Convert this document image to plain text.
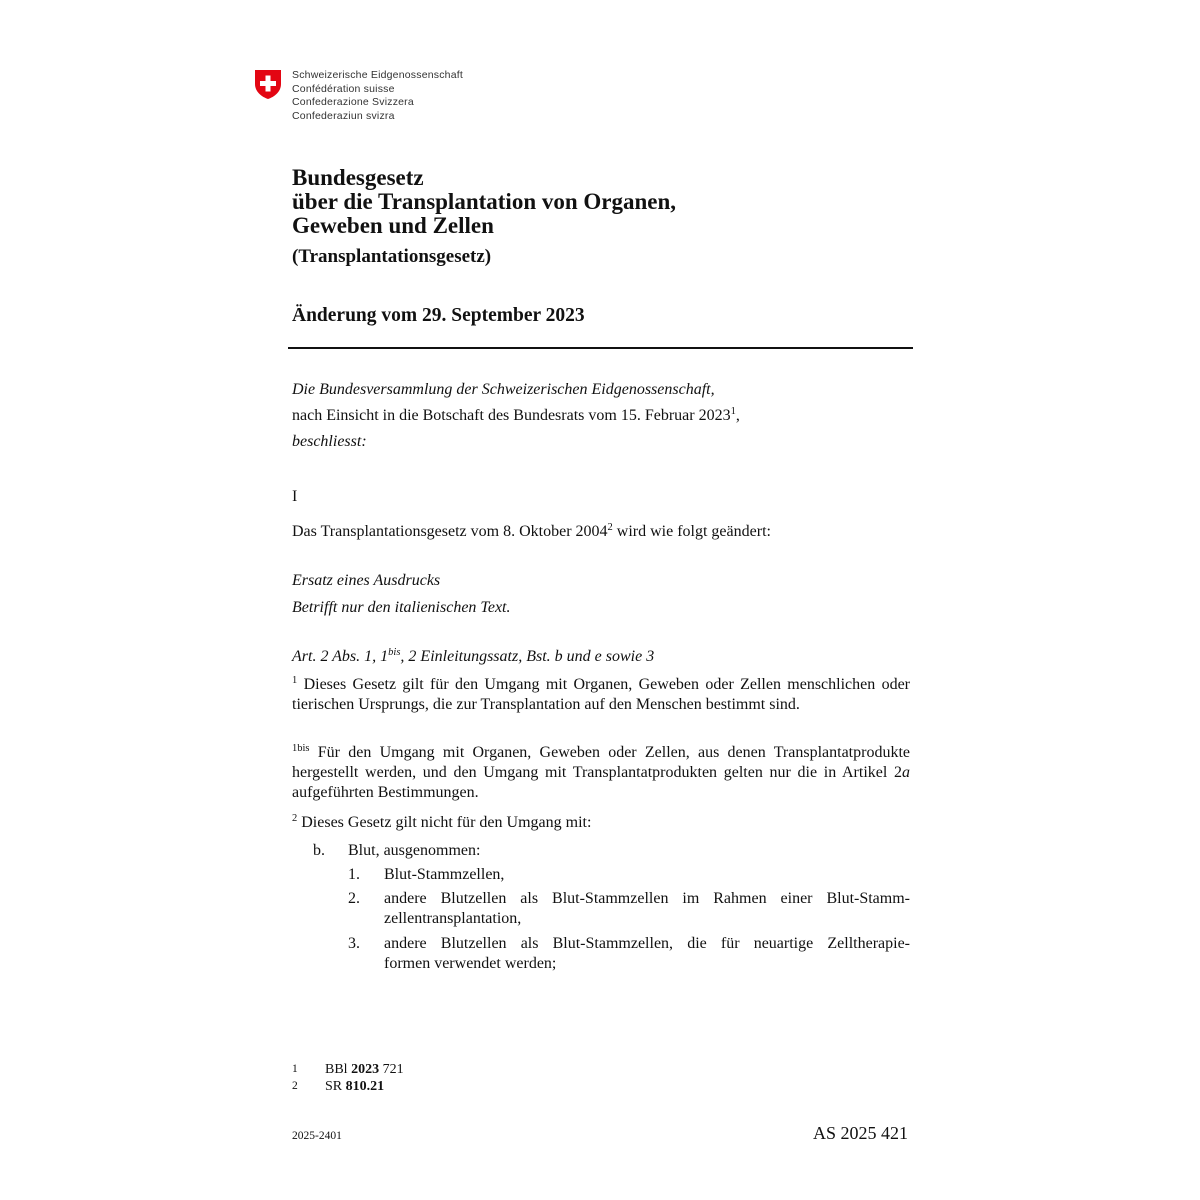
Schweizerische Eidgenossenschaft
Confédération suisse
Confederazione Svizzera
Confederaziun svizra
Bundesgesetz
über die Transplantation von Organen,
Geweben und Zellen
(Transplantationsgesetz)
Änderung vom 29. September 2023
Die Bundesversammlung der Schweizerischen Eidgenossenschaft,
nach Einsicht in die Botschaft des Bundesrats vom 15. Februar 2023$^1$,
beschliesst:
I
Das Transplantationsgesetz vom 8. Oktober 2004$^2$ wird wie folgt geändert:
Ersatz eines Ausdrucks
Betrifft nur den italienischen Text.
Art. 2 Abs. 1, $1^{bis}$, 2 Einleitungssatz, Bst. b und e sowie 3
$^1$ Dieses Gesetz gilt für den Umgang mit Organen, Geweben oder Zellen menschlichen oder tierischen Ursprungs, die zur Transplantation auf den Menschen bestimmt sind.
$^{1bis}$ Für den Umgang mit Organen, Geweben oder Zellen, aus denen Transplantatprodukte hergestellt werden, und den Umgang mit Transplantatprodukten gelten nur die in Artikel 2a aufgeführten Bestimmungen.
$^2$ Dieses Gesetz gilt nicht für den Umgang mit:
b. Blut, ausgenommen:
1. Blut-Stammzellen,
2. andere Blutzellen als Blut-Stammzellen im Rahmen einer Blut-Stamm-
zellentransplantation,
3. andere Blutzellen als Blut-Stammzellen, die für neuartige Zelltherapie-
formen verwendet werden;
1 BBl 2023 721
2 SR 810.21
2025-2401	AS 2025 421
